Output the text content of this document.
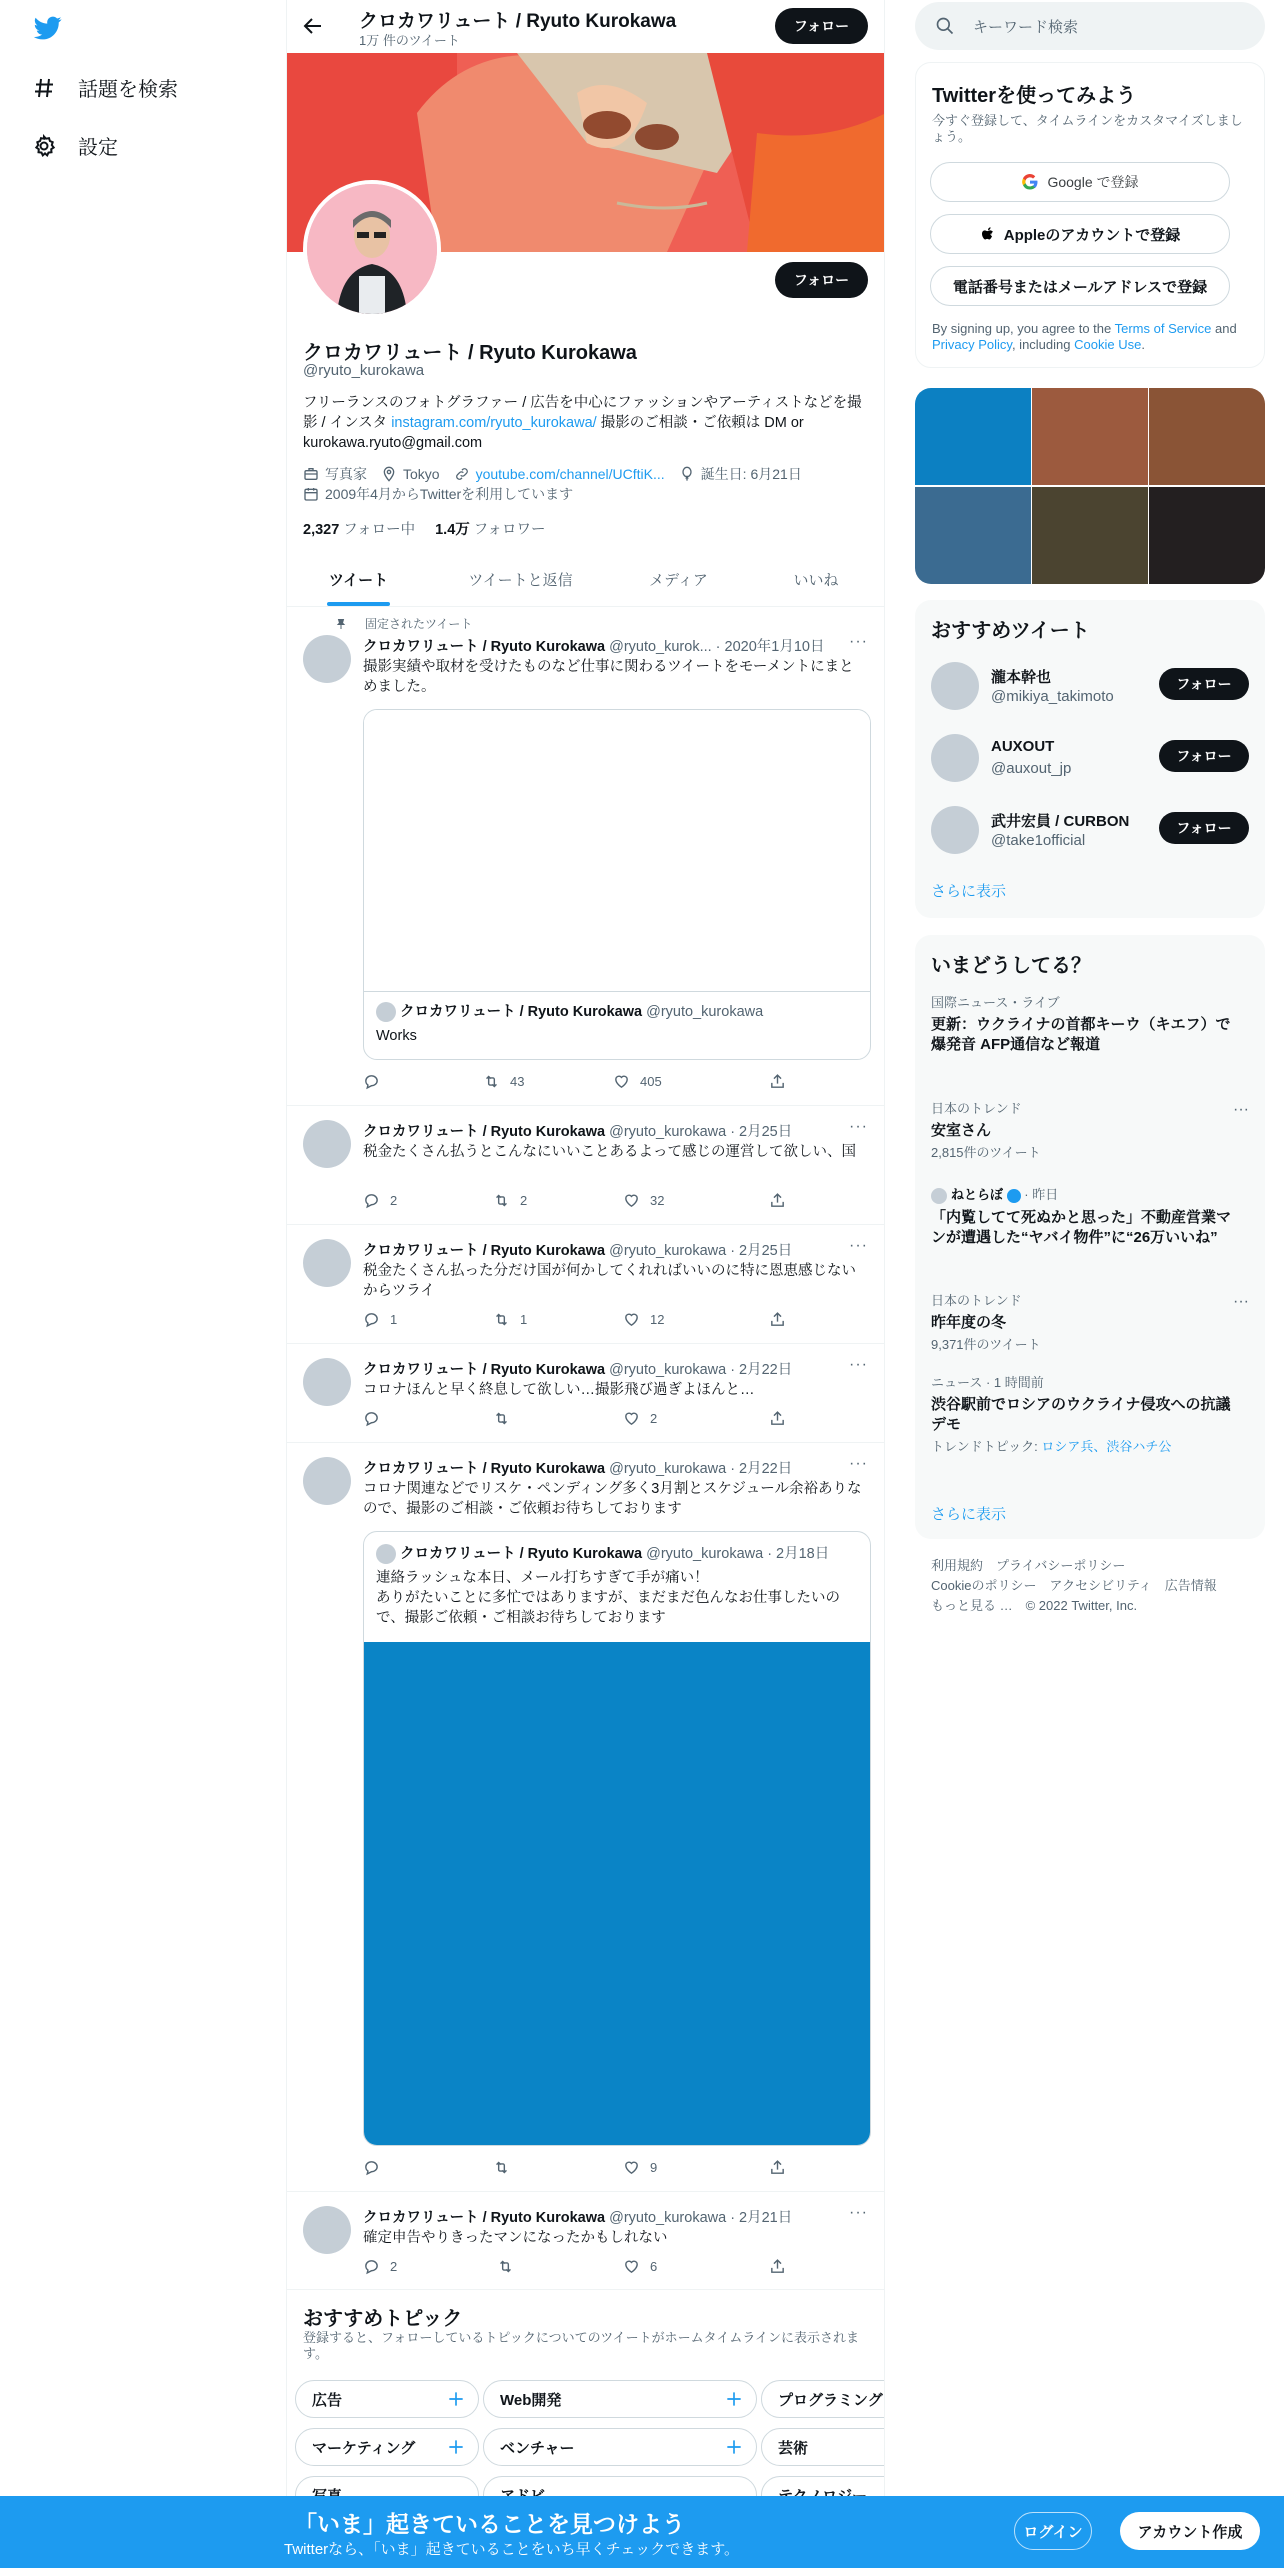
話題を検索
設定
クロカワリュート / Ryuto Kurokawa
1万 件のツイート
フォロー
フォロー
クロカワリュート / Ryuto Kurokawa
@ryuto_kurokawa
フリーランスのフォトグラファー / 広告を中心にファッションやアーティストなどを撮影 / インスタ instagram.com/ryuto_kurokawa/ 撮影のご相談・ご依頼は DM or kurokawa.ryuto@gmail.com
写真家	Tokyo	youtube.com/channel/UCftiK...	誕生日: 6月21日
2009年4月からTwitterを利用しています
2,327 フォロー中 1.4万 フォロワー
ツイート	ツイートと返信	メディア	いいね
固定されたツイート
クロカワリュート / Ryuto Kurokawa @ryuto_kurok... · 2020年1月10日 ···
撮影実績や取材を受けたものなど仕事に関わるツイートをモーメントにまとめました。
クロカワリュート / Ryuto Kurokawa @ryuto_kurokawa
Works
43	405
クロカワリュート / Ryuto Kurokawa @ryuto_kurokawa · 2月25日	···
税金たくさん払うとこんなにいいことあるよって感じの運営して欲しい、国
2	2	32
クロカワリュート / Ryuto Kurokawa @ryuto_kurokawa · 2月25日	···
税金たくさん払った分だけ国が何かしてくれればいいのに特に恩恵感じないからツライ
1	1	12
クロカワリュート / Ryuto Kurokawa @ryuto_kurokawa · 2月22日	···
コロナほんと早く終息して欲しい…撮影飛び過ぎよほんと…
2
クロカワリュート / Ryuto Kurokawa @ryuto_kurokawa · 2月22日	···
コロナ関連などでリスケ・ペンディング多く3月割とスケジュール余裕ありなので、撮影のご相談・ご依頼お待ちしております
クロカワリュート / Ryuto Kurokawa @ryuto_kurokawa · 2月18日
連絡ラッシュな本日、メール打ちすぎて手が痛い！
ありがたいことに多忙ではありますが、まだまだ色んなお仕事したいので、撮影ご依頼・ご相談お待ちしております
9
クロカワリュート / Ryuto Kurokawa @ryuto_kurokawa · 2月21日	···
確定申告やりきったマンになったかもしれない
2	6
おすすめトピック
登録すると、フォローしているトピックについてのツイートがホームタイムラインに表示されます。
広告	Web開発	プログラミング
マーケティング	ベンチャー	芸術
キーワード検索
Twitterを使ってみよう
今すぐ登録して、タイムラインをカスタマイズしましょう。
Google で登録
Appleのアカウントで登録
電話番号またはメールアドレスで登録
By signing up, you agree to the Terms of Service and Privacy Policy, including Cookie Use.
おすすめツイート
瀧本幹也
@mikiya_takimoto
フォロー
AUXOUT
@auxout_jp
フォロー
武井宏員 / CURBON
@take1official
フォロー
さらに表示
いまどうしてる？
国際ニュース・ライブ
更新：ウクライナの首都キーウ（キエフ）で爆発音 AFP通信など報道
日本のトレンド
安室さん
2,815件のツイート
···
ねとらぼ  · 昨日
「内覧してて死ぬかと思った」不動産営業マンが遭遇した“ヤバイ物件”に“26万いいね”
日本のトレンド
昨年度の冬
9,371件のツイート
···
ニュース · 1 時間前
渋谷駅前でロシアのウクライナ侵攻への抗議デモ
トレンドトピック: ロシア兵、渋谷ハチ公
さらに表示
利用規約　プライバシーポリシー
Cookieのポリシー　アクセシビリティ　広告情報
もっと見る …　© 2022 Twitter, Inc.
「いま」起きていることを見つけよう
Twitterなら、「いま」起きていることをいち早くチェックできます。
ログイン	アカウント作成
